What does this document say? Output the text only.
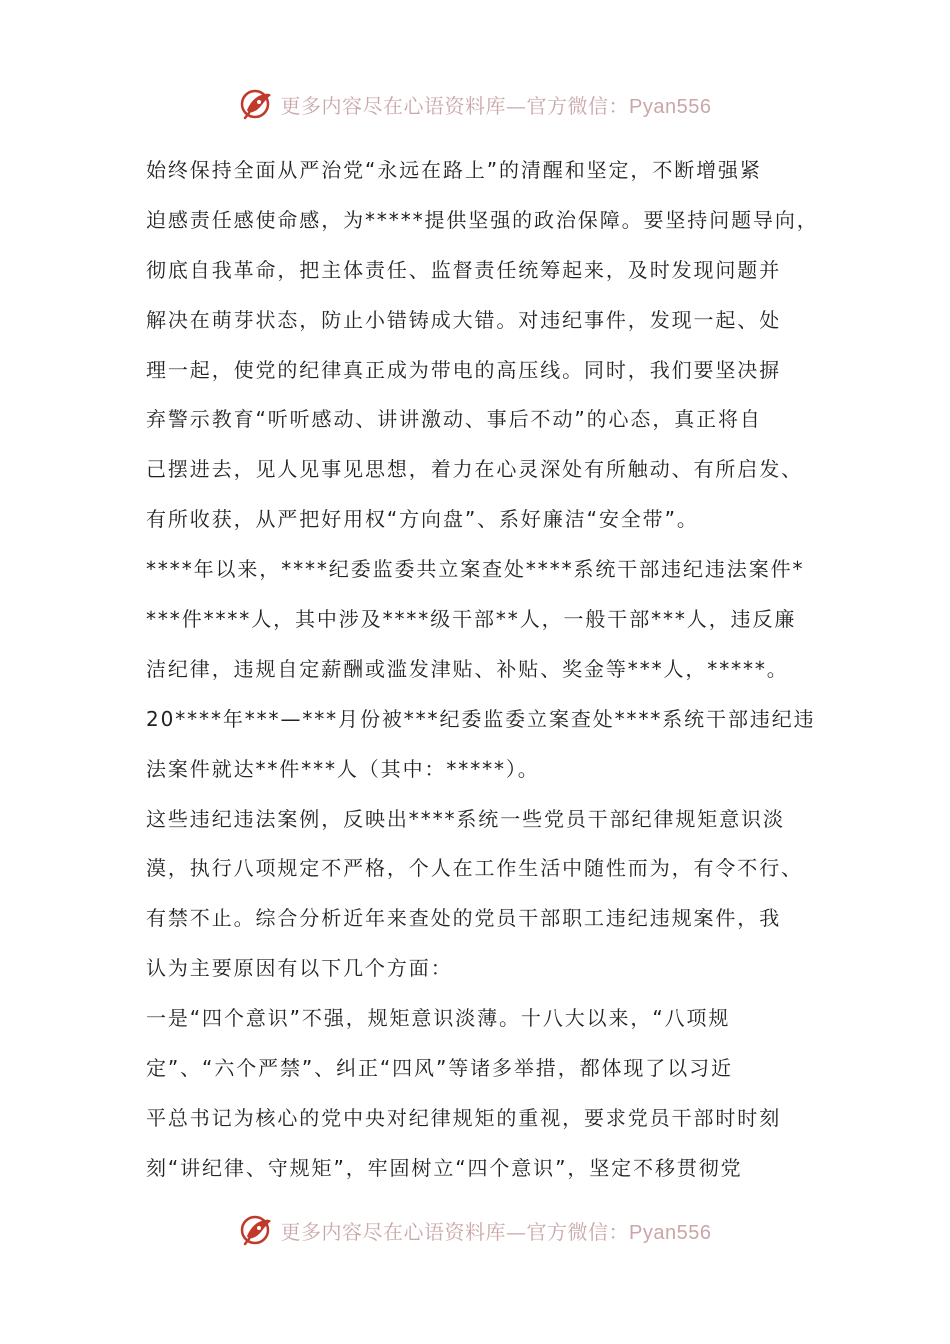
更多内容尽在心语资料库—官方微信：Pyan556
始终保持全面从严治党“永远在路上”的清醒和坚定，不断增强紧
迫感责任感使命感，为*****提供坚强的政治保障。要坚持问题导向，
彻底自我革命，把主体责任、监督责任统筹起来，及时发现问题并
解决在萌芽状态，防止小错铸成大错。对违纪事件，发现一起、处
理一起，使党的纪律真正成为带电的高压线。同时，我们要坚决摒
弃警示教育“听听感动、讲讲激动、事后不动”的心态，真正将自
己摆进去，见人见事见思想，着力在心灵深处有所触动、有所启发、
有所收获，从严把好用权“方向盘”、系好廉洁“安全带”。
****年以来，****纪委监委共立案查处****系统干部违纪违法案件*
***件****人，其中涉及****级干部**人，一般干部***人，违反廉
洁纪律，违规自定薪酬或滥发津贴、补贴、奖金等***人，*****。
20****年***—***月份被***纪委监委立案查处****系统干部违纪违
法案件就达**件***人（其中：*****）。
这些违纪违法案例，反映出****系统一些党员干部纪律规矩意识淡
漠，执行八项规定不严格，个人在工作生活中随性而为，有令不行、
有禁不止。综合分析近年来查处的党员干部职工违纪违规案件，我
认为主要原因有以下几个方面：
一是“四个意识”不强，规矩意识淡薄。十八大以来，“八项规
定”、“六个严禁”、纠正“四风”等诸多举措，都体现了以习近
平总书记为核心的党中央对纪律规矩的重视，要求党员干部时时刻
刻“讲纪律、守规矩”，牢固树立“四个意识”，坚定不移贯彻党
更多内容尽在心语资料库—官方微信：Pyan556
